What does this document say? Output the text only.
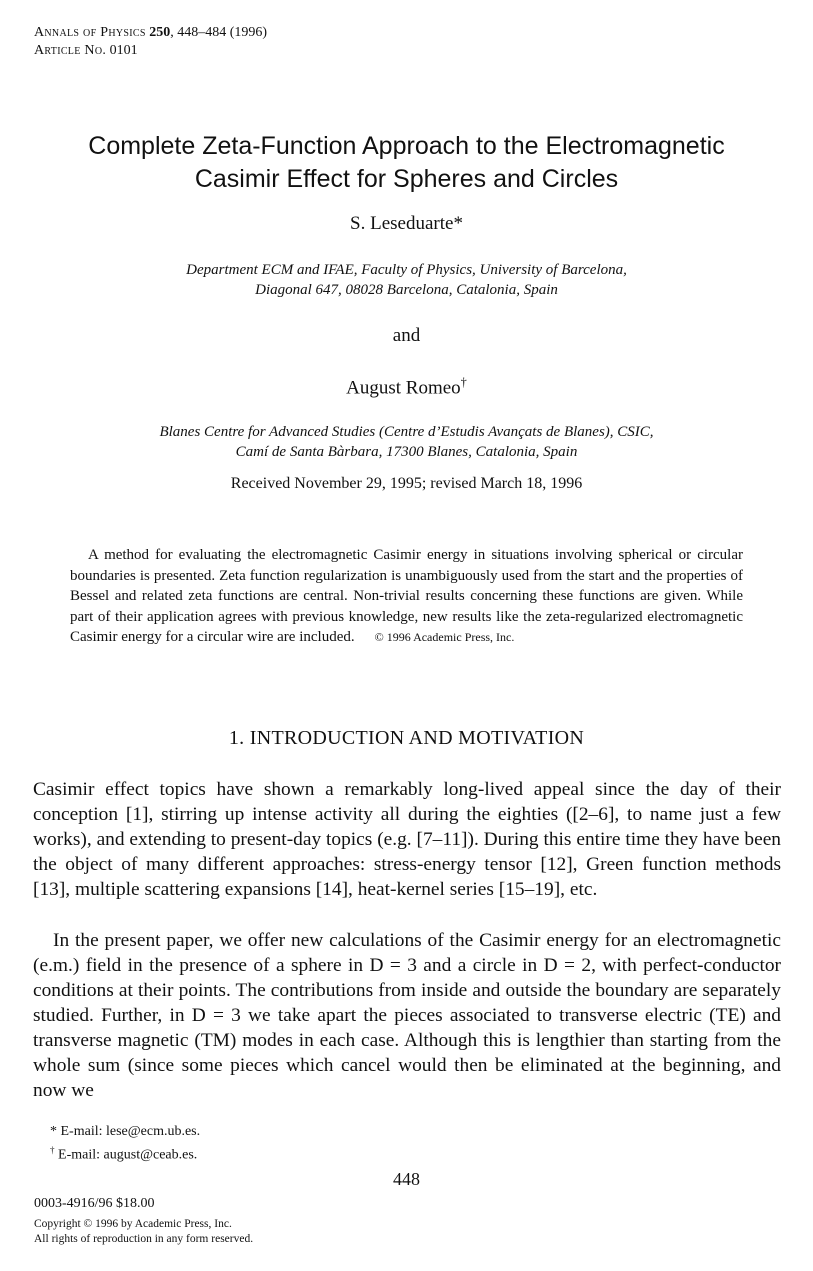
Annals of Physics 250, 448–484 (1996)
Article No. 0101
Complete Zeta-Function Approach to the Electromagnetic
Casimir Effect for Spheres and Circles
S. Leseduarte*
Department ECM and IFAE, Faculty of Physics, University of Barcelona,
Diagonal 647, 08028 Barcelona, Catalonia, Spain
and
August Romeo†
Blanes Centre for Advanced Studies (Centre d’Estudis Avançats de Blanes), CSIC,
Camí de Santa Bàrbara, 17300 Blanes, Catalonia, Spain
Received November 29, 1995; revised March 18, 1996
A method for evaluating the electromagnetic Casimir energy in situations involving spherical or circular boundaries is presented. Zeta function regularization is unambiguously used from the start and the properties of Bessel and related zeta functions are central. Non-trivial results concerning these functions are given. While part of their application agrees with previous knowledge, new results like the zeta-regularized electromagnetic Casimir energy for a circular wire are included. © 1996 Academic Press, Inc.
1. INTRODUCTION AND MOTIVATION

Casimir effect topics have shown a remarkably long-lived appeal since the day of their conception [1], stirring up intense activity all during the eighties ([2–6], to name just a few works), and extending to present-day topics (e.g. [7–11]). During this entire time they have been the object of many different approaches: stress-energy tensor [12], Green function methods [13], multiple scattering expansions [14], heat-kernel series [15–19], etc.

In the present paper, we offer new calculations of the Casimir energy for an electromagnetic (e.m.) field in the presence of a sphere in D = 3 and a circle in D = 2, with perfect-conductor conditions at their points. The contributions from inside and outside the boundary are separately studied. Further, in D = 3 we take apart the pieces associated to transverse electric (TE) and transverse magnetic (TM) modes in each case. Although this is lengthier than starting from the whole sum (since some pieces which cancel would then be eliminated at the beginning, and now we

* E-mail: lese@ecm.ub.es.
† E-mail: august@ceab.es.
448
0003-4916/96 $18.00
Copyright © 1996 by Academic Press, Inc.
All rights of reproduction in any form reserved.
